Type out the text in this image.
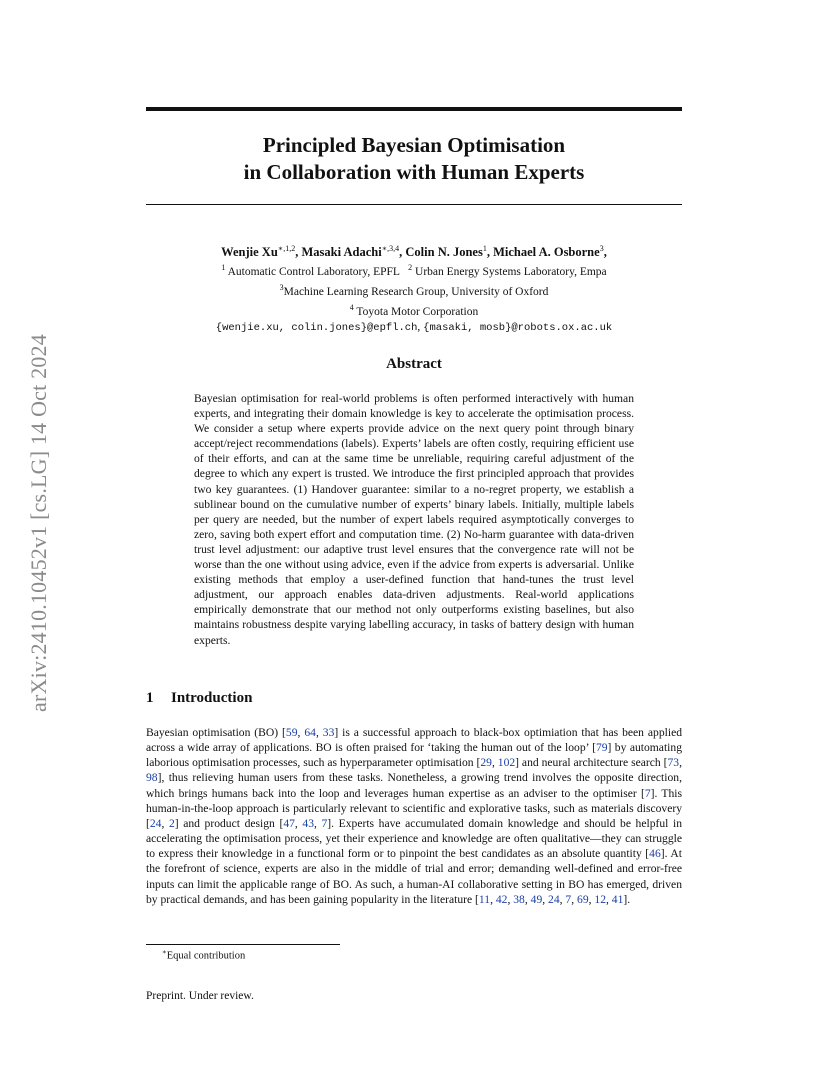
arXiv:2410.10452v1 [cs.LG] 14 Oct 2024
Principled Bayesian Optimisation
in Collaboration with Human Experts
Wenjie $Xu^{∗,1,2}$, Masaki Adachi$^{∗,3,4}$, Colin N. Jones$^1$, Michael A. Osborne$^3$,
$^1$ Automatic Control Laboratory, EPFL $^2$ Urban Energy Systems Laboratory, Empa
$^3$Machine Learning Research Group, University of Oxford
$^4$ Toyota Motor Corporation
{wenjie.xu, colin.jones}@epfl.ch, {masaki, mosb}@robots.ox.ac.uk
Abstract
Bayesian optimisation for real-world problems is often performed interactively with human experts, and integrating their domain knowledge is key to accelerate the optimisation process. We consider a setup where experts provide advice on the next query point through binary accept/reject recommendations (labels). Experts’ labels are often costly, requiring efficient use of their efforts, and can at the same time be unreliable, requiring careful adjustment of the degree to which any expert is trusted. We introduce the first principled approach that provides two key guarantees. (1) Handover guarantee: similar to a no-regret property, we establish a sublinear bound on the cumulative number of experts’ binary labels. Initially, multiple labels per query are needed, but the number of expert labels required asymptotically converges to zero, saving both expert effort and computation time. (2) No-harm guarantee with data-driven trust level adjustment: our adaptive trust level ensures that the convergence rate will not be worse than the one without using advice, even if the advice from experts is adversarial. Unlike existing methods that employ a user-defined function that hand-tunes the trust level adjustment, our approach enables data-driven adjustments. Real-world applications empirically demonstrate that our method not only outperforms existing baselines, but also maintains robustness despite varying labelling accuracy, in tasks of battery design with human experts.
1 Introduction
Bayesian optimisation (BO) [59, 64, 33] is a successful approach to black-box optimiation that has been applied across a wide array of applications. BO is often praised for ‘taking the human out of the loop’ [79] by automating laborious optimisation processes, such as hyperparameter optimisation [29, 102] and neural architecture search [73, 98], thus relieving human users from these tasks. Nonetheless, a growing trend involves the opposite direction, which brings humans back into the loop and leverages human expertise as an adviser to the optimiser [7]. This human-in-the-loop approach is particularly relevant to scientific and explorative tasks, such as materials discovery [24, 2] and product design [47, 43, 7]. Experts have accumulated domain knowledge and should be helpful in accelerating the optimisation process, yet their experience and knowledge are often qualitative—they can struggle to express their knowledge in a functional form or to pinpoint the best candidates as an absolute quantity [46]. At the forefront of science, experts are also in the middle of trial and error; demanding well-defined and error-free inputs can limit the applicable range of BO. As such, a human-AI collaborative setting in BO has emerged, driven by practical demands, and has been gaining popularity in the literature [11, 42, 38, 49, 24, 7, 69, 12, 41].
∗Equal contribution
Preprint. Under review.
